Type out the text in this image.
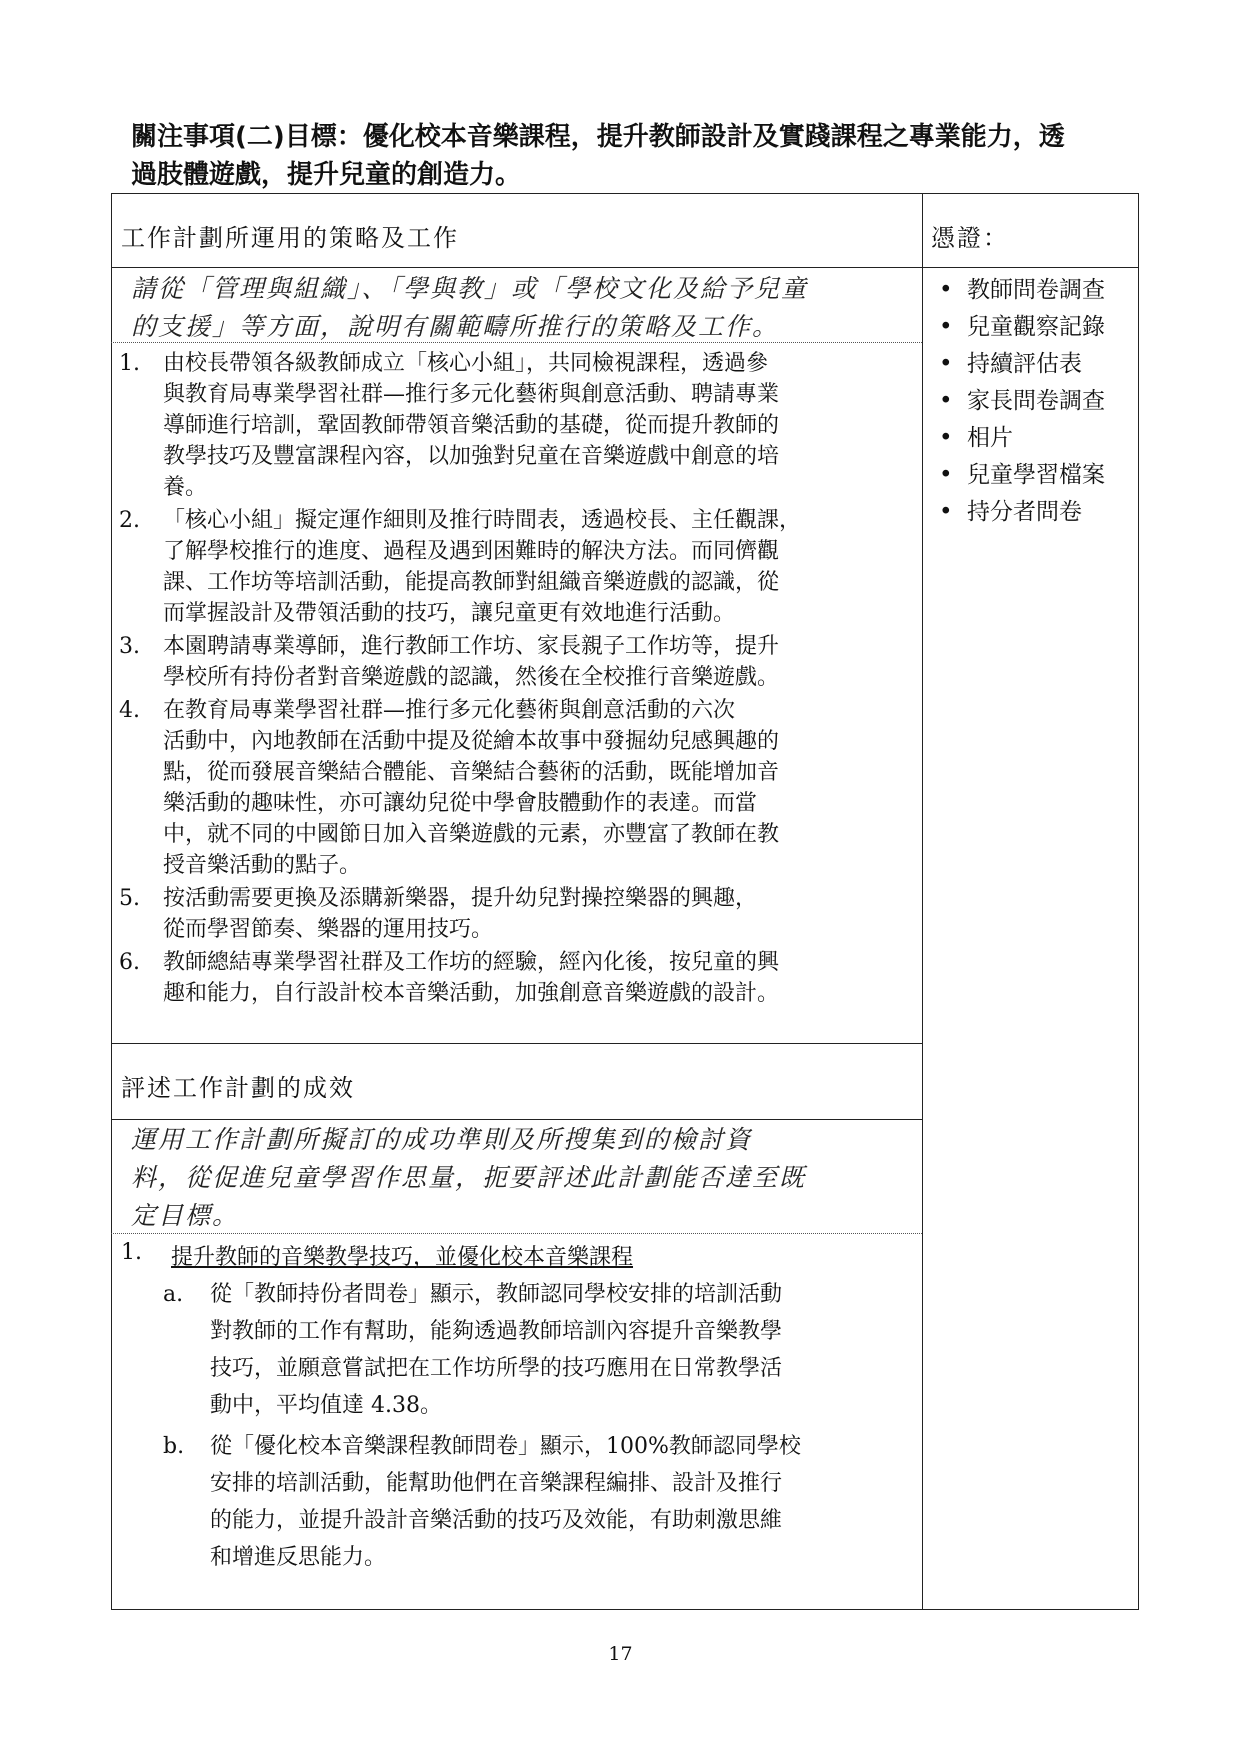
關注事項(二)目標：優化校本音樂課程，提升教師設計及實踐課程之專業能力，透
過肢體遊戲，提升兒童的創造力。
工作計劃所運用的策略及工作	憑證：
請從「管理與組織」、「學與教」或「學校文化及給予兒童
的支援」等方面，說明有關範疇所推行的策略及工作。
1.	由校長帶領各級教師成立「核心小組」，共同檢視課程，透過參
與教育局專業學習社群—推行多元化藝術與創意活動、聘請專業
導師進行培訓，鞏固教師帶領音樂活動的基礎，從而提升教師的
教學技巧及豐富課程內容，以加強對兒童在音樂遊戲中創意的培
養。
2.	「核心小組」擬定運作細則及推行時間表，透過校長、主任觀課，
了解學校推行的進度、過程及遇到困難時的解決方法。而同儕觀
課、工作坊等培訓活動，能提高教師對組織音樂遊戲的認識，從
而掌握設計及帶領活動的技巧，讓兒童更有效地進行活動。
3.	本園聘請專業導師，進行教師工作坊、家長親子工作坊等，提升
學校所有持份者對音樂遊戲的認識，然後在全校推行音樂遊戲。
4.	在教育局專業學習社群—推行多元化藝術與創意活動的六次
活動中，內地教師在活動中提及從繪本故事中發掘幼兒感興趣的
點，從而發展音樂結合體能、音樂結合藝術的活動，既能增加音
樂活動的趣味性，亦可讓幼兒從中學會肢體動作的表達。而當
中，就不同的中國節日加入音樂遊戲的元素，亦豐富了教師在教
授音樂活動的點子。
5.	按活動需要更換及添購新樂器，提升幼兒對操控樂器的興趣，
從而學習節奏、樂器的運用技巧。
6.	教師總結專業學習社群及工作坊的經驗，經內化後，按兒童的興
趣和能力，自行設計校本音樂活動，加強創意音樂遊戲的設計。
• 教師問卷調查
• 兒童觀察記錄
• 持續評估表
• 家長問卷調查
• 相片
• 兒童學習檔案
• 持分者問卷
評述工作計劃的成效
運用工作計劃所擬訂的成功準則及所搜集到的檢討資
料，從促進兒童學習作思量，扼要評述此計劃能否達至既
定目標。
1. 提升教師的音樂教學技巧，並優化校本音樂課程
a. 從「教師持份者問卷」顯示，教師認同學校安排的培訓活動
對教師的工作有幫助，能夠透過教師培訓內容提升音樂教學
技巧，並願意嘗試把在工作坊所學的技巧應用在日常教學活
動中，平均值達 4.38。
b. 從「優化校本音樂課程教師問卷」顯示，100%教師認同學校
安排的培訓活動，能幫助他們在音樂課程編排、設計及推行
的能力，並提升設計音樂活動的技巧及效能，有助刺激思維
和增進反思能力。
17
